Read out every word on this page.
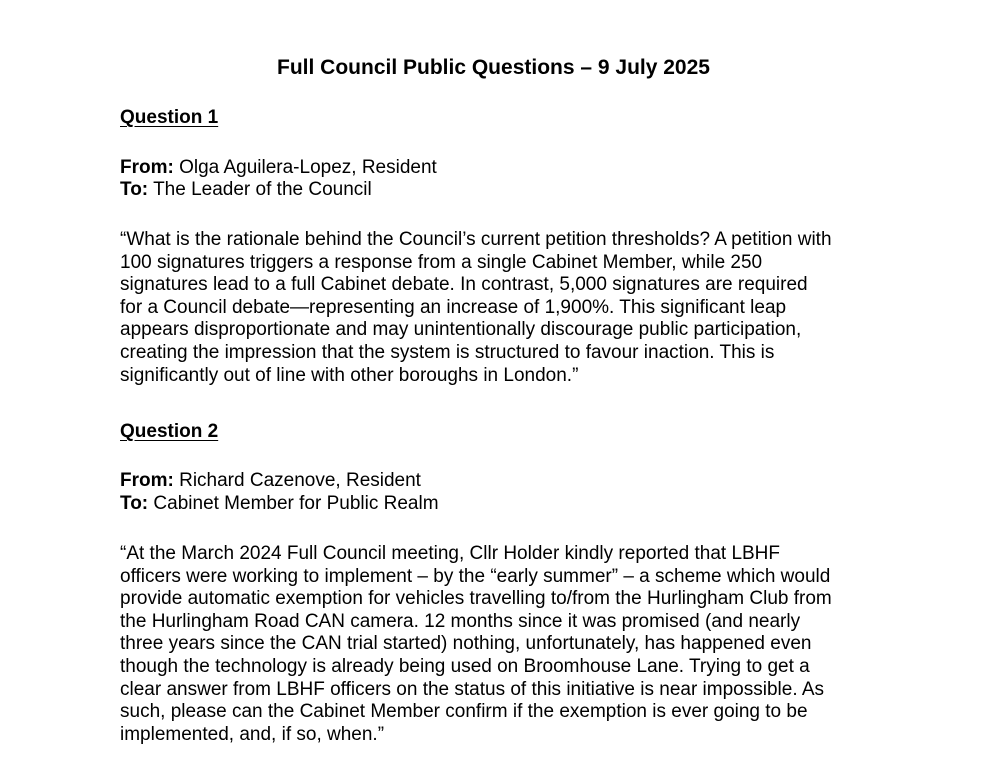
Full Council Public Questions – 9 July 2025
Question 1

From: Olga Aguilera-Lopez, Resident

To: The Leader of the Council

“What is the rationale behind the Council’s current petition thresholds? A petition with
100 signatures triggers a response from a single Cabinet Member, while 250
signatures lead to a full Cabinet debate. In contrast, 5,000 signatures are required
for a Council debate—representing an increase of 1,900%. This significant leap
appears disproportionate and may unintentionally discourage public participation,
creating the impression that the system is structured to favour inaction. This is
significantly out of line with other boroughs in London.”
Question 2

From: Richard Cazenove, Resident

To: Cabinet Member for Public Realm

“At the March 2024 Full Council meeting, Cllr Holder kindly reported that LBHF
officers were working to implement – by the “early summer” – a scheme which would
provide automatic exemption for vehicles travelling to/from the Hurlingham Club from
the Hurlingham Road CAN camera. 12 months since it was promised (and nearly
three years since the CAN trial started) nothing, unfortunately, has happened even
though the technology is already being used on Broomhouse Lane. Trying to get a
clear answer from LBHF officers on the status of this initiative is near impossible. As
such, please can the Cabinet Member confirm if the exemption is ever going to be
implemented, and, if so, when.”
